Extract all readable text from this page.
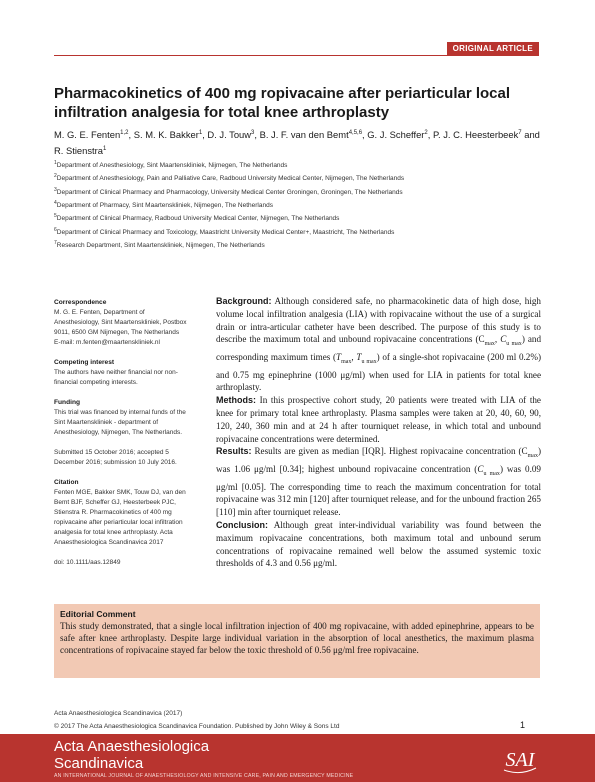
ORIGINAL ARTICLE
Pharmacokinetics of 400 mg ropivacaine after periarticular local infiltration analgesia for total knee arthroplasty
M. G. E. Fenten$^{1,2}$, S. M. K. Bakker$^1$, D. J. Touw$^3$, B. J. F. van den Bemt$^{4,5,6}$, G. J. Scheffer$^2$, P. J. C. Heesterbeek$^7$ and R. Stienstra$^1$
$^1$Department of Anesthesiology, Sint Maartenskliniek, Nijmegen, The Netherlands
$^2$Department of Anesthesiology, Pain and Palliative Care, Radboud University Medical Center, Nijmegen, The Netherlands
$^3$Department of Clinical Pharmacy and Pharmacology, University Medical Center Groningen, Groningen, The Netherlands
$^4$Department of Pharmacy, Sint Maartenskliniek, Nijmegen, The Netherlands
$^5$Department of Clinical Pharmacy, Radboud University Medical Center, Nijmegen, The Netherlands
$^6$Department of Clinical Pharmacy and Toxicology, Maastricht University Medical Center+, Maastricht, The Netherlands
$^7$Research Department, Sint Maartenskliniek, Nijmegen, The Netherlands
Correspondence
M. G. E. Fenten, Department of
Anesthesiology, Sint Maartenskliniek, Postbox
9011, 6500 GM Nijmegen, The Netherlands
E-mail: m.fenten@maartenskliniek.nl
Competing interest
The authors have neither financial nor non-
financial competing interests.
Funding
This trial was financed by internal funds of the
Sint Maartenskliniek - department of
Anesthesiology, Nijmegen, The Netherlands.
Submitted 15 October 2016; accepted 5
December 2016; submission 10 July 2016.
Citation
Fenten MGE, Bakker SMK, Touw DJ, van den
Bemt BJF, Scheffer GJ, Heesterbeek PJC,
Stienstra R. Pharmacokinetics of 400 mg
ropivacaine after periarticular local infiltration
analgesia for total knee arthroplasty. Acta
Anaesthesiologica Scandinavica 2017
doi: 10.1111/aas.12849

Background: Although considered safe, no pharmacokinetic data of high dose, high volume local infiltration analgesia (LIA) with ropivacaine without the use of a surgical drain or intra-articular catheter have been described. The purpose of this study is to describe the maximum total and unbound ropivacaine concentrations ($C_{max}$, $C_{u max}$) and corresponding maximum times ($T_{max}$, $T_{u max}$) of a single-shot ropivacaine (200 ml 0.2%) and 0.75 mg epinephrine (1000 μg/ml) when used for LIA in patients for total knee arthroplasty.

Methods: In this prospective cohort study, 20 patients were treated with LIA of the knee for primary total knee arthroplasty. Plasma samples were taken at 20, 40, 60, 90, 120, 240, 360 min and at 24 h after tourniquet release, in which total and unbound ropivacaine concentrations were determined.

Results: Results are given as median [IQR]. Highest ropivacaine concentration $(C_{max})$ was 1.06 μg/ml [0.34]; highest unbound ropivacaine concentration $(C_{u max})$ was 0.09 μg/ml [0.05]. The corresponding time to reach the maximum concentration for total ropivacaine was 312 min [120] after tourniquet release, and for the unbound fraction 265 [110] min after tourniquet release.

Conclusion: Although great inter-individual variability was found between the maximum ropivacaine concentrations, both maximum total and unbound serum concentrations of ropivacaine remained well below the assumed systemic toxic thresholds of 4.3 and 0.56 μg/ml.

Editorial Comment
This study demonstrated, that a single local infiltration injection of 400 mg ropivacaine, with added epinephrine, appears to be safe after knee arthroplasty. Despite large individual variation in the absorption of local anesthetics, the maximum plasma concentrations of ropivacaine stayed far below the toxic threshold of 0.56 μg/ml free ropivacaine.
Acta Anaesthesiologica Scandinavica (2017)
© 2017 The Acta Anaesthesiologica Scandinavica Foundation. Published by John Wiley & Sons Ltd	1
Acta Anaesthesiologica
Scandinavica
AN INTERNATIONAL JOURNAL OF ANAESTHESIOLOGY AND INTENSIVE CARE, PAIN AND EMERGENCY MEDICINE
SAI
